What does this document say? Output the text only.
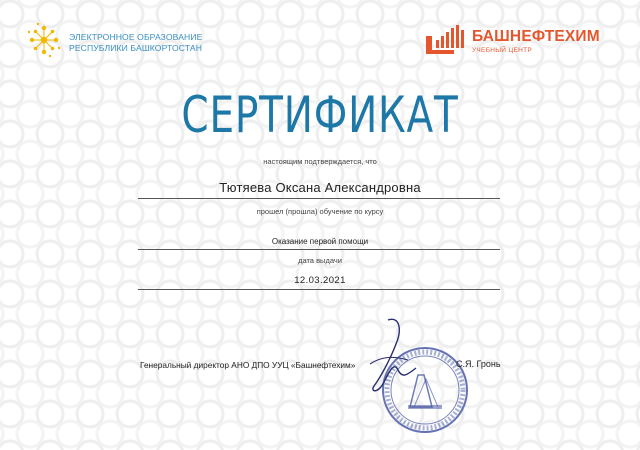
ЭЛЕКТРОННОЕ ОБРАЗОВАНИЕ
РЕСПУБЛИКИ БАШКОРТОСТАН
БАШНЕФТЕХИМ
УЧЕБНЫЙ ЦЕНТР
СЕРТИФИКАТ
настоящим подтверждается, что
Тютяева Оксана Александровна
прошел (прошла) обучение по курсу
Оказание первой помощи
дата выдачи
12.03.2021
Генеральный директор АНО ДПО УУЦ «Башнефтехим»	С.Я. Гронь
